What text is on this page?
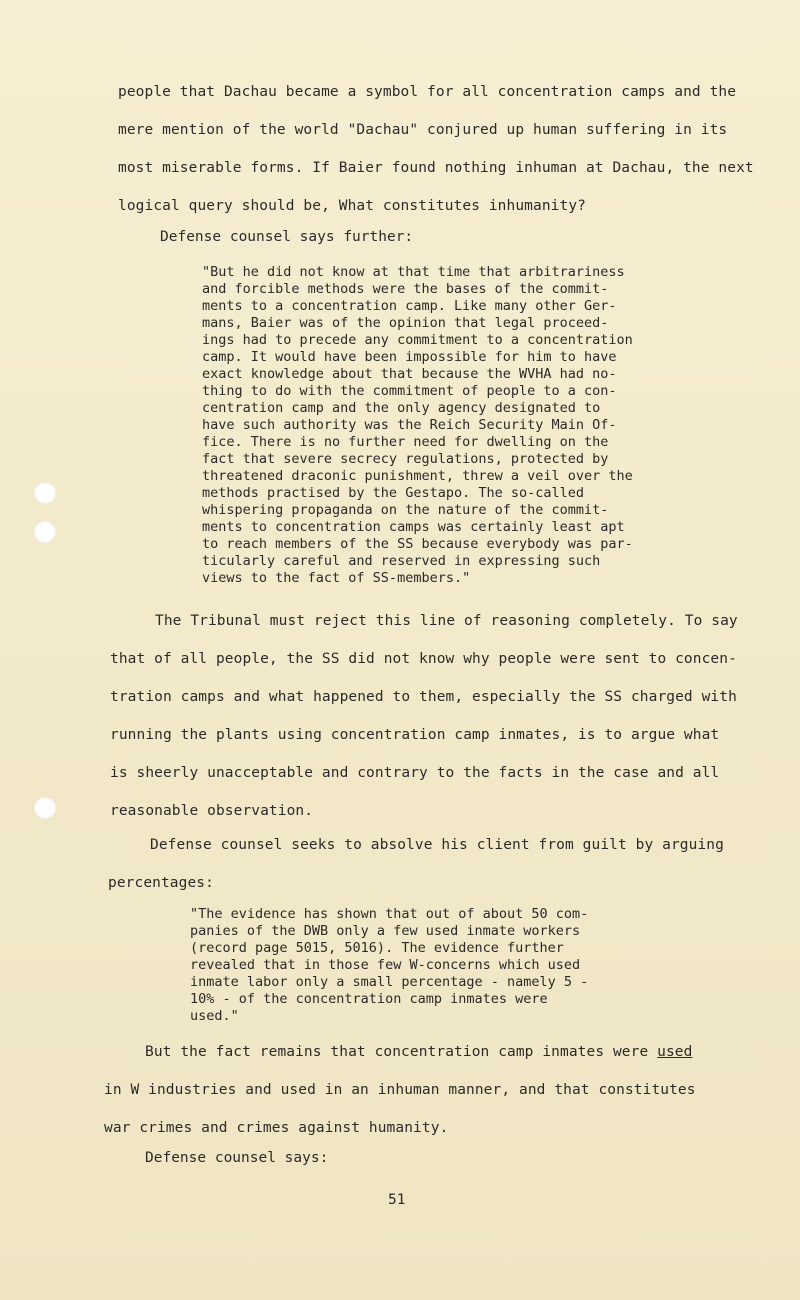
people that Dachau became a symbol for all concentration camps and the
mere mention of the world "Dachau" conjured up human suffering in its
most miserable forms. If Baier found nothing inhuman at Dachau, the next
logical query should be, What constitutes inhumanity?
Defense counsel says further:
"But he did not know at that time that arbitrariness
and forcible methods were the bases of the commit-
ments to a concentration camp. Like many other Ger-
mans, Baier was of the opinion that legal proceed-
ings had to precede any commitment to a concentration
camp. It would have been impossible for him to have
exact knowledge about that because the WVHA had no-
thing to do with the commitment of people to a con-
centration camp and the only agency designated to
have such authority was the Reich Security Main Of-
fice. There is no further need for dwelling on the
fact that severe secrecy regulations, protected by
threatened draconic punishment, threw a veil over the
methods practised by the Gestapo. The so-called
whispering propaganda on the nature of the commit-
ments to concentration camps was certainly least apt
to reach members of the SS because everybody was par-
ticularly careful and reserved in expressing such
views to the fact of SS-members."
The Tribunal must reject this line of reasoning completely. To say
that of all people, the SS did not know why people were sent to concen-
tration camps and what happened to them, especially the SS charged with
running the plants using concentration camp inmates, is to argue what
is sheerly unacceptable and contrary to the facts in the case and all
reasonable observation.
Defense counsel seeks to absolve his client from guilt by arguing
percentages:
"The evidence has shown that out of about 50 com-
panies of the DWB only a few used inmate workers
(record page 5015, 5016). The evidence further
revealed that in those few W-concerns which used
inmate labor only a small percentage - namely 5 -
10% - of the concentration camp inmates were
used."
But the fact remains that concentration camp inmates were used
in W industries and used in an inhuman manner, and that constitutes
war crimes and crimes against humanity.
Defense counsel says:
51
